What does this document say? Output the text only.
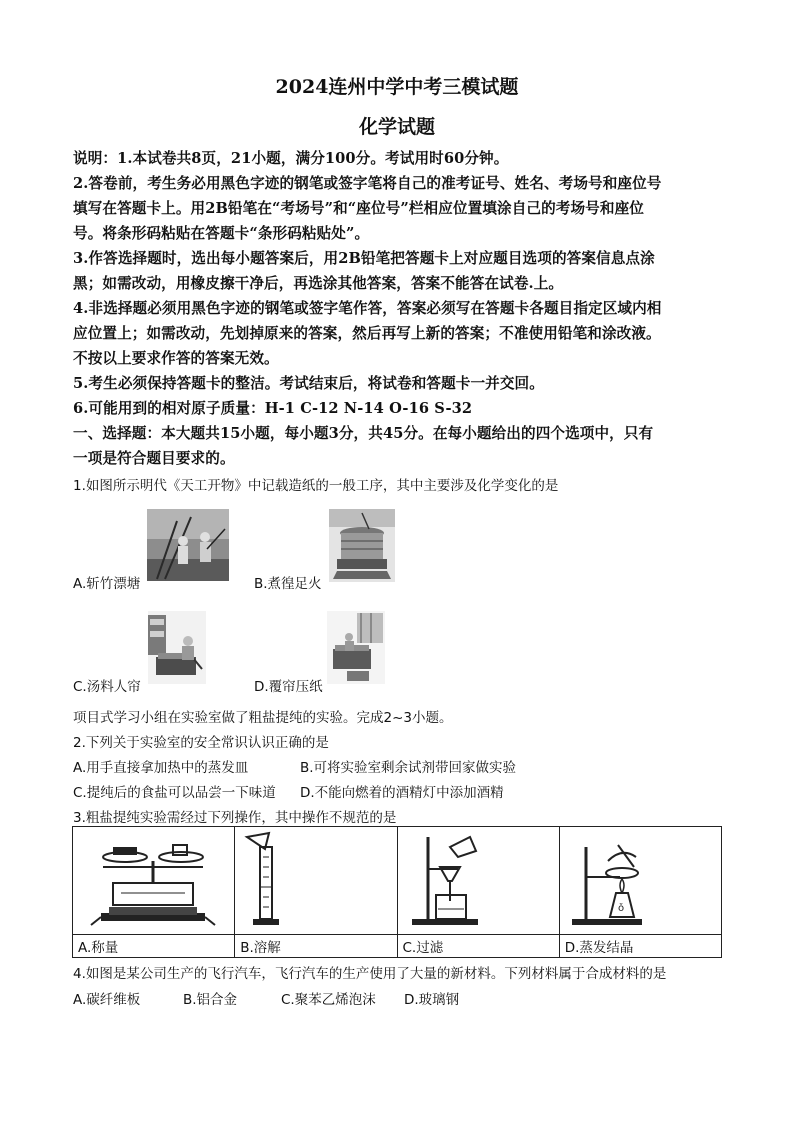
2024连州中学中考三模试题
化学试题
说明：1.本试卷共8页，21小题，满分100分。考试用时60分钟。
2.答卷前，考生务必用黑色字迹的钢笔或签字笔将自己的准考证号、姓名、考场号和座位号
填写在答题卡上。用2B铅笔在“考场号”和“座位号”栏相应位置填涂自己的考场号和座位
号。将条形码粘贴在答题卡“条形码粘贴处”。
3.作答选择题时，选出每小题答案后，用2B铅笔把答题卡上对应题目选项的答案信息点涂
黑；如需改动，用橡皮擦干净后，再选涂其他答案，答案不能答在试卷.上。
4.非选择题必须用黑色字迹的钢笔或签字笔作答，答案必须写在答题卡各题目指定区域内相
应位置上；如需改动，先划掉原来的答案，然后再写上新的答案；不准使用铅笔和涂改液。
不按以上要求作答的答案无效。
5.考生必须保持答题卡的整洁。考试结束后，将试卷和答题卡一并交回。
6.可能用到的相对原子质量：H-1 C-12 N-14 O-16 S-32
一、选择题：本大题共15小题，每小题3分，共45分。在每小题给出的四个选项中，只有
一项是符合题目要求的。
1.如图所示明代《天工开物》中记载造纸的一般工序，其中主要涉及化学变化的是
A.斩竹漂塘	B.煮徨足火
C.汤料人帘	D.覆帘压纸
项目式学习小组在实验室做了粗盐提纯的实验。完成2~3小题。
2.下列关于实验室的安全常识认识正确的是
A.用手直接拿加热中的蒸发皿	B.可将实验室剩余试剂带回家做实验
C.提纯后的食盐可以品尝一下味道 D.不能向燃着的酒精灯中添加酒精
3.粗盐提纯实验需经过下列操作，其中操作不规范的是

ǒ

A.称量	B.溶解	C.过滤	D.蒸发结晶
4.如图是某公司生产的飞行汽车，飞行汽车的生产使用了大量的新材料。下列材料属于合成材料的是
A.碳纤维板	B.铝合金	C.聚苯乙烯泡沫 D.玻璃钢
